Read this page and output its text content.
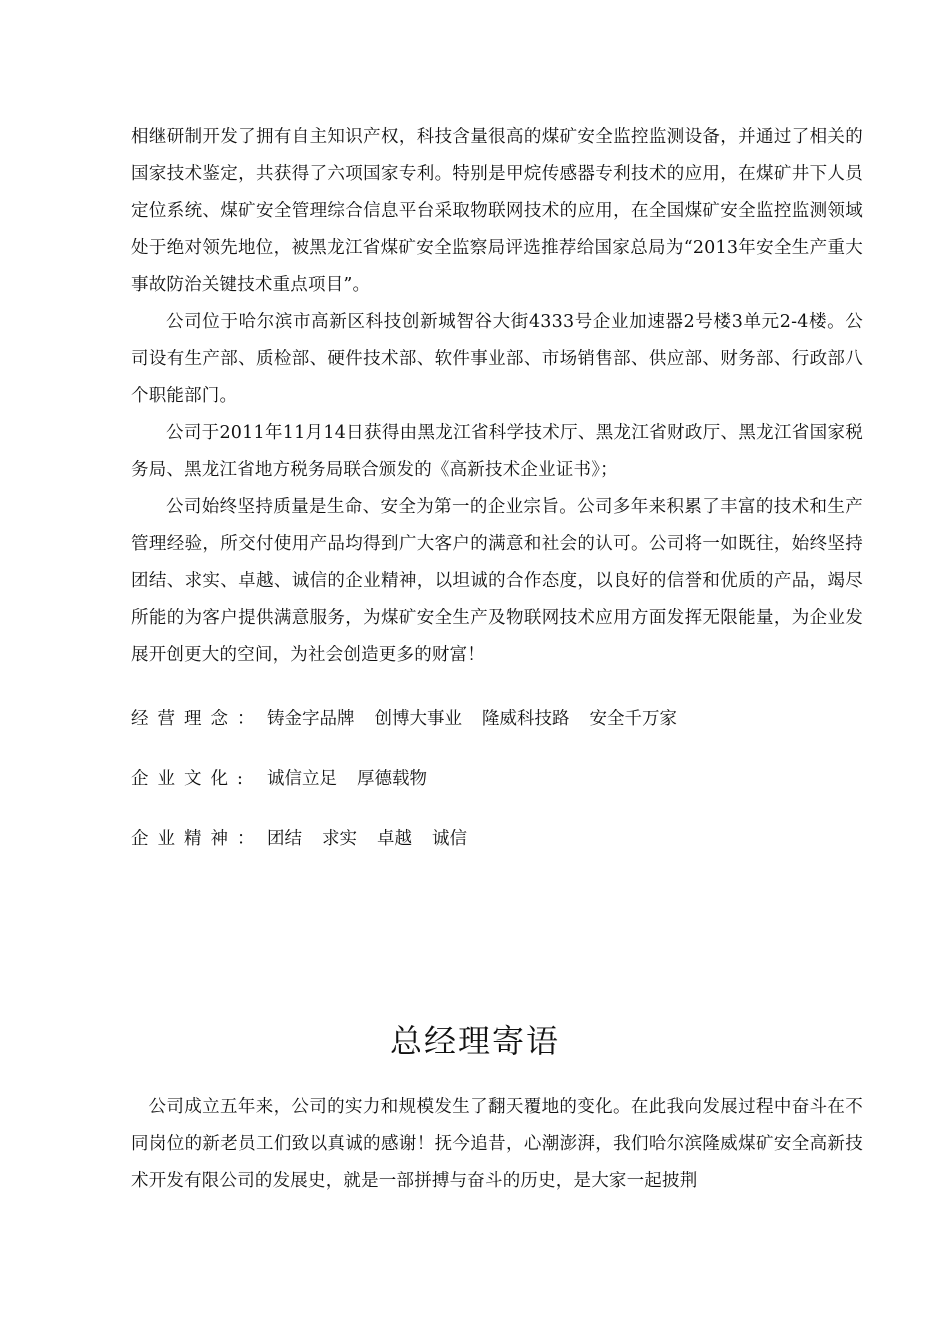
相继研制开发了拥有自主知识产权，科技含量很高的煤矿安全监控监测设备，并通过了相关的国家技术鉴定，共获得了六项国家专利。特别是甲烷传感器专利技术的应用，在煤矿井下人员定位系统、煤矿安全管理综合信息平台采取物联网技术的应用，在全国煤矿安全监控监测领域处于绝对领先地位，被黑龙江省煤矿安全监察局评选推荐给国家总局为“2013年安全生产重大事故防治关键技术重点项目”。

公司位于哈尔滨市高新区科技创新城智谷大街4333号企业加速器2号楼3单元2-4楼。公司设有生产部、质检部、硬件技术部、软件事业部、市场销售部、供应部、财务部、行政部八个职能部门。

公司于2011年11月14日获得由黑龙江省科学技术厅、黑龙江省财政厅、黑龙江省国家税务局、黑龙江省地方税务局联合颁发的《高新技术企业证书》；

公司始终坚持质量是生命、安全为第一的企业宗旨。公司多年来积累了丰富的技术和生产管理经验，所交付使用产品均得到广大客户的满意和社会的认可。公司将一如既往，始终坚持团结、求实、卓越、诚信的企业精神，以坦诚的合作态度，以良好的信誉和优质的产品，竭尽所能的为客户提供满意服务，为煤矿安全生产及物联网技术应用方面发挥无限能量，为企业发展开创更大的空间，为社会创造更多的财富！

经营理念： 铸金字品牌 创博大事业 隆威科技路 安全千万家
企业文化: 诚信立足 厚德载物
企业精神： 团结 求实 卓越 诚信
总经理寄语

公司成立五年来，公司的实力和规模发生了翻天覆地的变化。在此我向发展过程中奋斗在不同岗位的新老员工们致以真诚的感谢！抚今追昔，心潮澎湃，我们哈尔滨隆威煤矿安全高新技术开发有限公司的发展史，就是一部拼搏与奋斗的历史，是大家一起披荆
